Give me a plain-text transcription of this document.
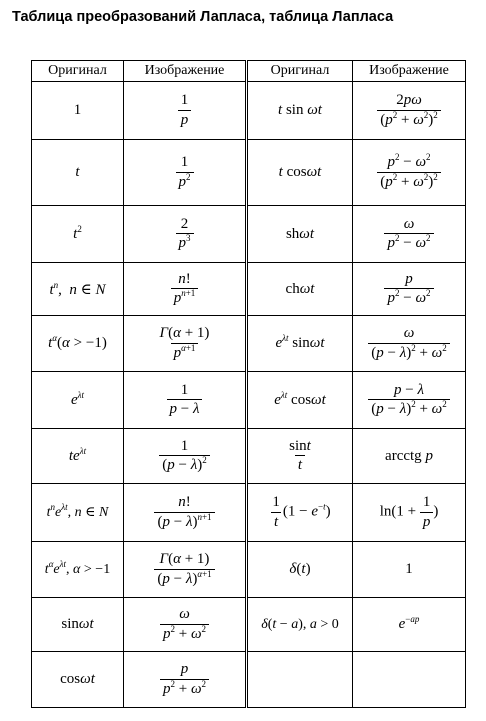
Таблица преобразований Лапласа, таблица Лапласа
Оригинал	Изображение	Оригинал	Изображение
1	$\frac{1}{p}$	t sin ωt	$\frac{2p\omega}{(p^2 + \omega^2)^2}$

t	$\frac{1}{p^2}$	t cosωt	$\frac{p^2 - \omega^2}{(p^2 + \omega^2)^2}$

$t^2$	$\frac{2}{p^3}$	shωt	$\frac{\omega}{p^2 - \omega^2}$

$t^n$,  n ∈ N	$\frac{n!}{p^{n+1}}$	chωt	$\frac{p}{p^2 - \omega^2}$

$t^\alpha(\alpha > -1)$	$\frac{\Gamma(\alpha + 1)}{p^{\alpha+1}}$	$e^{\lambda t}$ sinωt	$\frac{\omega}{(p - \lambda)^2 + \omega^2}$

$e^{\lambda t}$	$\frac{1}{p - \lambda}$	$e^{\lambda t}$ cosωt	$\frac{p - \lambda}{(p - \lambda)^2 + \omega^2}$

$te^{\lambda t}$	$\frac{1}{(p - \lambda)^2}$	$\frac{\sin t}{t}$	arcctg p
$t^ne^{\lambda t}$, n ∈ N	$\frac{n!}{(p - \lambda)^{n+1}}$	$\frac{1}{t} (1 - e^{-t})$	$\ln(1 + \frac{1}{p}$ )
$t^\alpha e^{\lambda t}$, α > −1	$\frac{\Gamma(\alpha + 1)}{(p - \lambda)^{\alpha+1}}$	δ(t)	1
sinωt	$\frac{\omega}{p^2 + \omega^2}$	δ(t − a), a > 0	$e^{-ap}$
cosωt	$\frac{p}{p^2 + \omega^2}$
